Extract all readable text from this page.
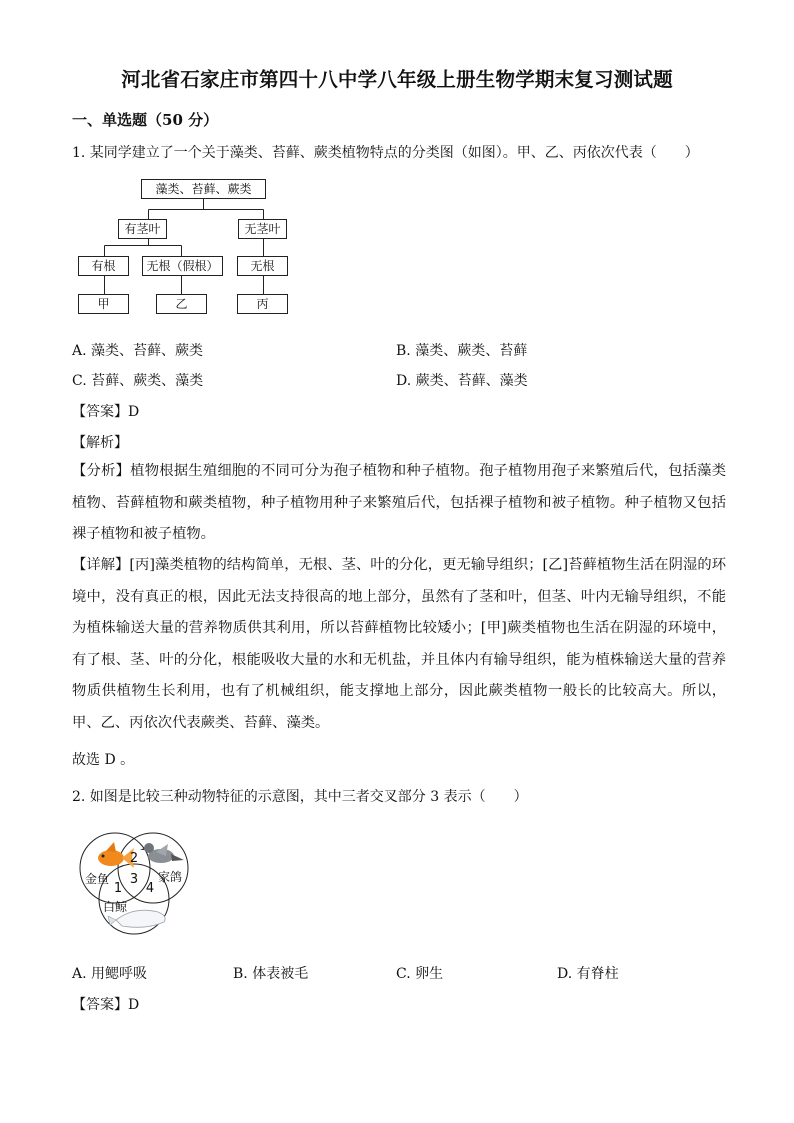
河北省石家庄市第四十八中学八年级上册生物学期末复习测试题
一、单选题（50 分）
1. 某同学建立了一个关于藻类、苔藓、蕨类植物特点的分类图（如图）。甲、乙、丙依次代表（　　）
藻类、苔藓、蕨类
有茎叶	无茎叶
有根	无根（假根）	无根
甲	乙	丙
A. 藻类、苔藓、蕨类	B. 藻类、蕨类、苔藓
C. 苔藓、蕨类、藻类	D. 蕨类、苔藓、藻类
【答案】D
【解析】
【分析】植物根据生殖细胞的不同可分为孢子植物和种子植物。孢子植物用孢子来繁殖后代，包括藻类植物、苔藓植物和蕨类植物，种子植物用种子来繁殖后代，包括裸子植物和被子植物。种子植物又包括裸子植物和被子植物。
【详解】[丙]藻类植物的结构简单，无根、茎、叶的分化，更无输导组织；[乙]苔藓植物生活在阴湿的环境中，没有真正的根，因此无法支持很高的地上部分，虽然有了茎和叶，但茎、叶内无输导组织，不能为植株输送大量的营养物质供其利用，所以苔藓植物比较矮小；[甲]蕨类植物也生活在阴湿的环境中，有了根、茎、叶的分化，根能吸收大量的水和无机盐，并且体内有输导组织，能为植株输送大量的营养物质供植物生长利用，也有了机械组织，能支撑地上部分，因此蕨类植物一般长的比较高大。所以，甲、乙、丙依次代表蕨类、苔藓、藻类。
故选 D 。
2. 如图是比较三种动物特征的示意图，其中三者交叉部分 3 表示（　　）
金鱼	家鸽
白鲸
2
3
1 4
A. 用鳃呼吸	B. 体表被毛	C. 卵生	D. 有脊柱
【答案】D
